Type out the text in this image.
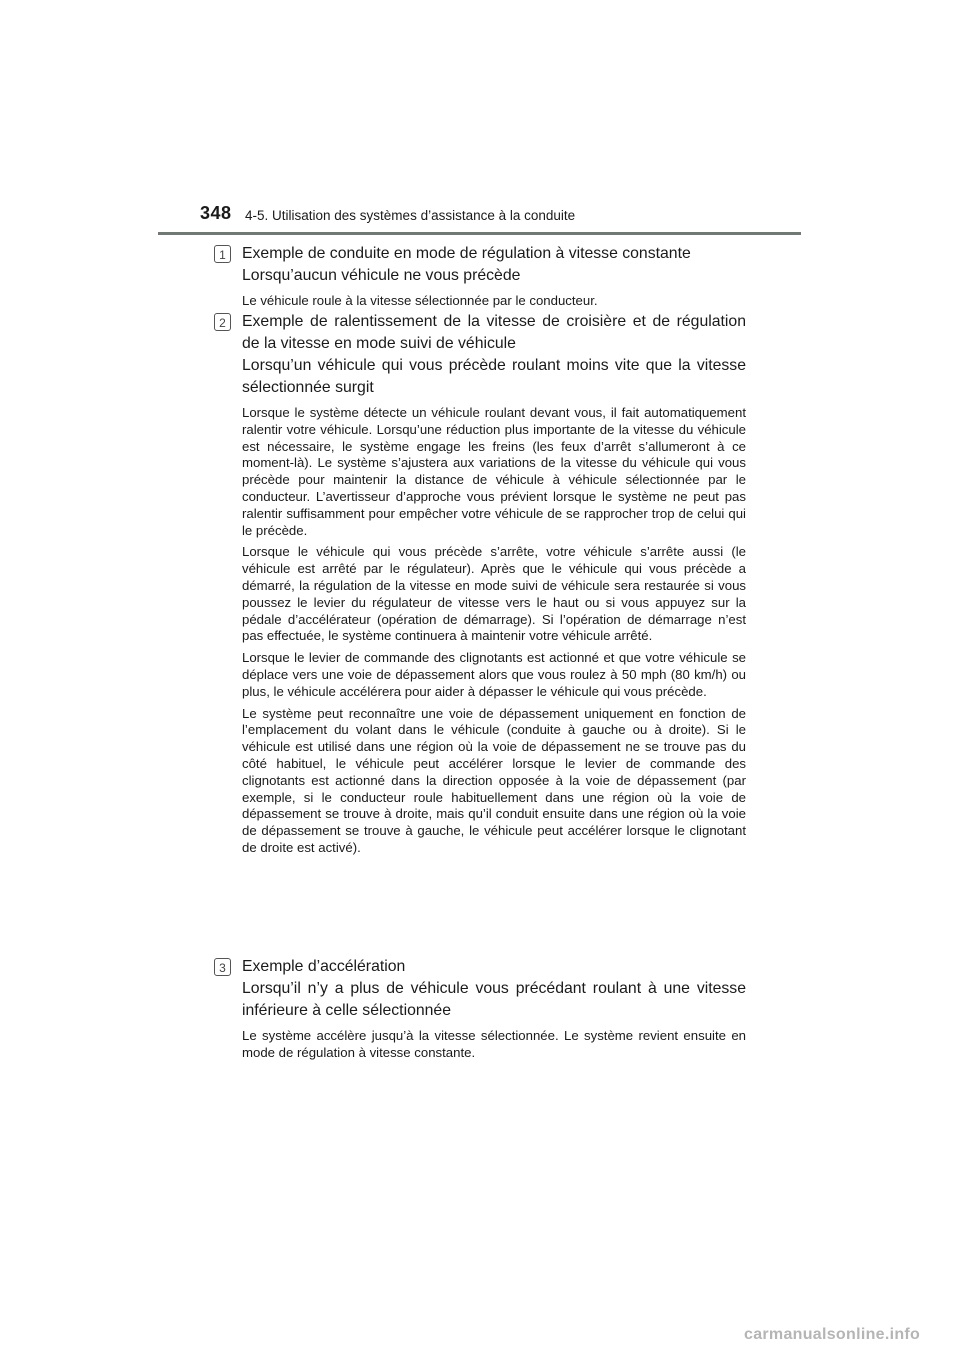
348 4-5. Utilisation des systèmes d’assistance à la conduite
1	Exemple de conduite en mode de régulation à vitesse constante
Lorsqu’aucun véhicule ne vous précède

Le véhicule roule à la vitesse sélectionnée par le conducteur.

2	Exemple de ralentissement de la vitesse de croisière et de régulation de la vitesse en mode suivi de véhicule
Lorsqu’un véhicule qui vous précède roulant moins vite que la vitesse sélectionnée surgit

Lorsque le système détecte un véhicule roulant devant vous, il fait automatiquement ralentir votre véhicule. Lorsqu’une réduction plus importante de la vitesse du véhicule est nécessaire, le système engage les freins (les feux d’arrêt s’allumeront à ce moment-là). Le système s’ajustera aux variations de la vitesse du véhicule qui vous précède pour maintenir la distance de véhicule à véhicule sélectionnée par le conducteur. L’avertisseur d’approche vous prévient lorsque le système ne peut pas ralentir suffisamment pour empêcher votre véhicule de se rapprocher trop de celui qui le précède.

Lorsque le véhicule qui vous précède s’arrête, votre véhicule s’arrête aussi (le véhicule est arrêté par le régulateur). Après que le véhicule qui vous précède a démarré, la régulation de la vitesse en mode suivi de véhicule sera restaurée si vous poussez le levier du régulateur de vitesse vers le haut ou si vous appuyez sur la pédale d’accélérateur (opération de démarrage). Si l’opération de démarrage n’est pas effectuée, le système continuera à maintenir votre véhicule arrêté.

Lorsque le levier de commande des clignotants est actionné et que votre véhicule se déplace vers une voie de dépassement alors que vous roulez à 50 mph (80 km/h) ou plus, le véhicule accélérera pour aider à dépasser le véhicule qui vous précède.

Le système peut reconnaître une voie de dépassement uniquement en fonction de l’emplacement du volant dans le véhicule (conduite à gauche ou à droite). Si le véhicule est utilisé dans une région où la voie de dépassement ne se trouve pas du côté habituel, le véhicule peut accélérer lorsque le levier de commande des clignotants est actionné dans la direction opposée à la voie de dépassement (par exemple, si le conducteur roule habituellement dans une région où la voie de dépassement se trouve à droite, mais qu’il conduit ensuite dans une région où la voie de dépassement se trouve à gauche, le véhicule peut accélérer lorsque le clignotant de droite est activé).

3	Exemple d’accélération
Lorsqu’il n’y a plus de véhicule vous précédant roulant à une vitesse inférieure à celle sélectionnée

Le système accélère jusqu’à la vitesse sélectionnée. Le système revient ensuite en mode de régulation à vitesse constante.

carmanualsonline.info
